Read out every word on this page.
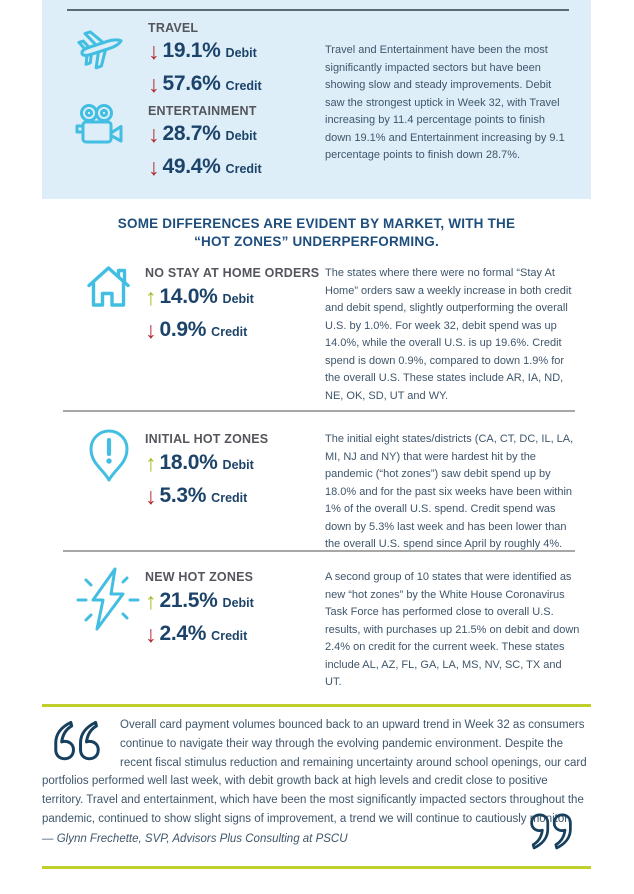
TRAVEL
↓ 19.1% Debit
↓ 57.6% Credit
ENTERTAINMENT
↓ 28.7% Debit
↓ 49.4% Credit

Travel and Entertainment have been the most significantly impacted sectors but have been showing slow and steady improvements. Debit saw the strongest uptick in Week 32, with Travel increasing by 11.4 percentage points to finish down 19.1% and Entertainment increasing by 9.1 percentage points to finish down 28.7%.

SOME DIFFERENCES ARE EVIDENT BY MARKET, WITH THE
“HOT ZONES” UNDERPERFORMING.
NO STAY AT HOME ORDERS
↑ 14.0% Debit
↓ 0.9% Credit

The states where there were no formal “Stay At Home” orders saw a weekly increase in both credit and debit spend, slightly outperforming the overall U.S. by 1.0%. For week 32, debit spend was up 14.0%, while the overall U.S. is up 19.6%. Credit spend is down 0.9%, compared to down 1.9% for the overall U.S. These states include AR, IA, ND, NE, OK, SD, UT and WY.

INITIAL HOT ZONES
↑ 18.0% Debit
↓ 5.3% Credit

The initial eight states/districts (CA, CT, DC, IL, LA, MI, NJ and NY) that were hardest hit by the pandemic (“hot zones”) saw debit spend up by 18.0% and for the past six weeks have been within 1% of the overall U.S. spend. Credit spend was down by 5.3% last week and has been lower than the overall U.S. spend since April by roughly 4%.

NEW HOT ZONES
↑ 21.5% Debit
↓ 2.4% Credit

A second group of 10 states that were identified as new “hot zones” by the White House Coronavirus Task Force has performed close to overall U.S. results, with purchases up 21.5% on debit and down 2.4% on credit for the current week. These states include AL, AZ, FL, GA, LA, MS, NV, SC, TX and UT.

Overall card payment volumes bounced back to an upward trend in Week 32 as consumers continue to navigate their way through the evolving pandemic environment. Despite the recent fiscal stimulus reduction and remaining uncertainty around school openings, our card portfolios performed well last week, with debit growth back at high levels and credit close to positive territory. Travel and entertainment, which have been the most significantly impacted sectors throughout the pandemic, continued to show slight signs of improvement, a trend we will continue to cautiously monitor.

— Glynn Frechette, SVP, Advisors Plus Consulting at PSCU
